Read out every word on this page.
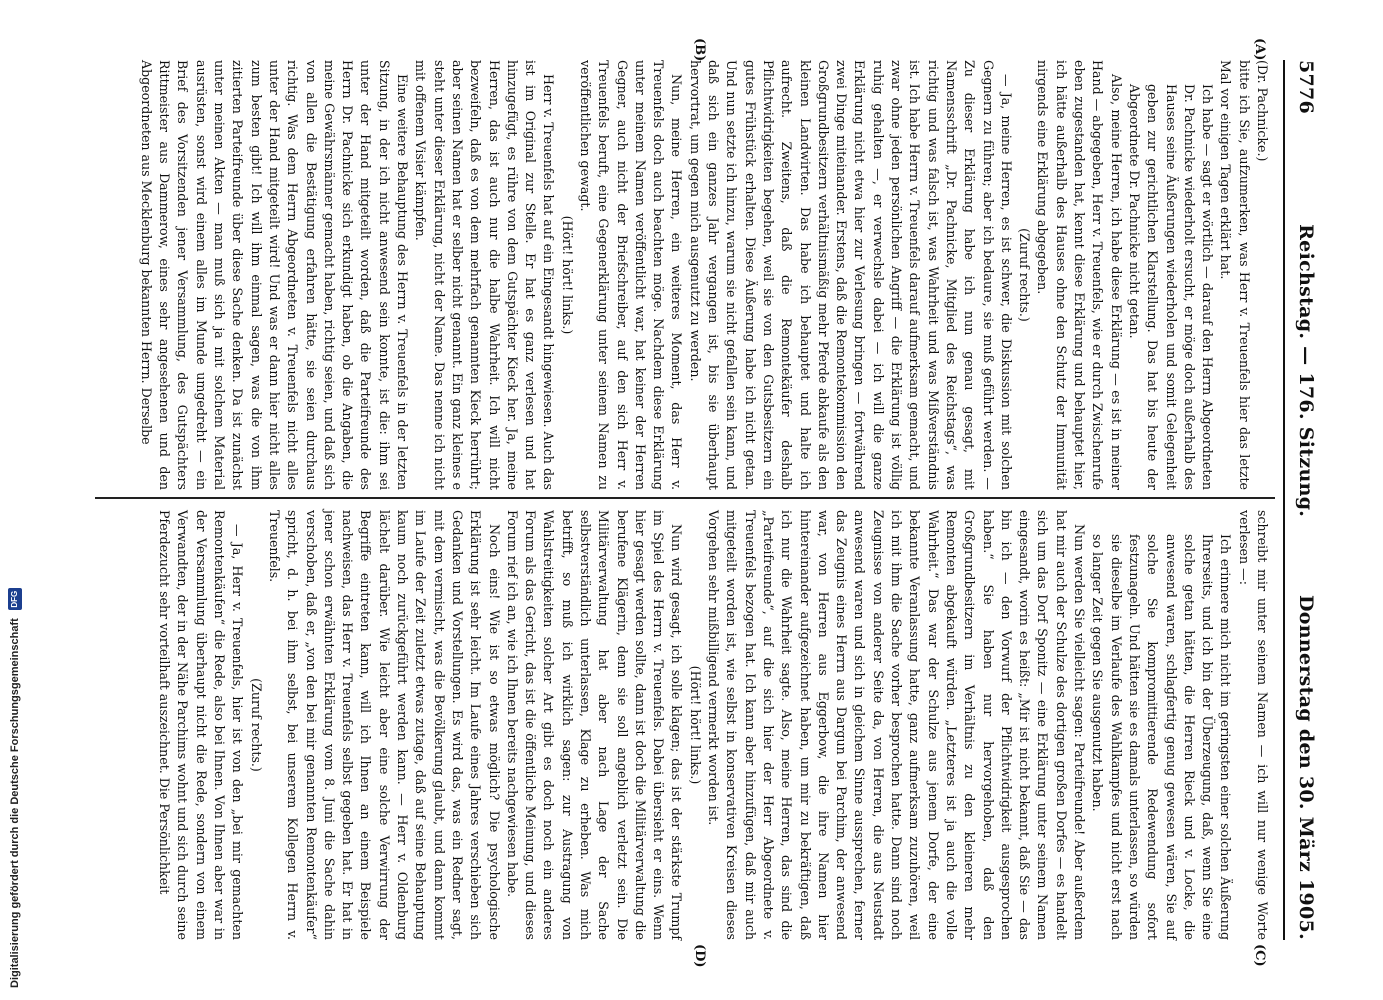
5776
Reichstag. — 176. Sitzung.
Donnerstag den 30. März 1905.
(A)
(B)
(C)
(D)

(Dr. Pachnicke.)

bitte ich Sie, aufzumerken, was Herr v. Treuenfels hier das letzte Mal vor einigen Tagen erklärt hat.

Ich habe — sagt er wörtlich — darauf den Herrn Abgeordneten Dr. Pachnicke wiederholt ersucht, er möge doch außerhalb des Hauses seine Äußerungen wiederholen und somit Gelegenheit geben zur gerichtlichen Klarstellung. Das hat bis heute der Abgeordnete Dr. Pachnicke nicht getan.

Also, meine Herren, ich habe diese Erklärung — es ist in meiner Hand — abgegeben, Herr v. Treuenfels, wie er durch Zwischenrufe eben zugestanden hat, kennt diese Erklärung und behauptet hier, ich hätte außerhalb des Hauses ohne den Schutz der Immunität nirgends eine Erklärung abgegeben.

(Zuruf rechts.)

— Ja, meine Herren, es ist schwer, die Diskussion mit solchen Gegnern zu führen; aber ich bedaure, sie muß geführt werden. — Zu dieser Erklärung habe ich nun genau gesagt, mit Namensschrift „Dr. Pachnicke, Mitglied des Reichstags“, was richtig und was falsch ist, was Wahrheit und was Mißverständnis ist. Ich habe Herrn v. Treuenfels darauf aufmerksam gemacht, und zwar ohne jeden persönlichen Angriff — die Erklärung ist völlig ruhig gehalten —, er verwechsle dabei — ich will die ganze Erklärung nicht etwa hier zur Verlesung bringen — fortwährend zwei Dinge miteinander. Erstens, daß die Remontekommission den Großgrundbesitzern verhältnismäßig mehr Pferde abkaufe als den kleinen Landwirten. Das habe ich behauptet und halte ich aufrecht. Zweitens, daß die Remontekäufer deshalb Pflichtwidrigkeiten begehen, weil sie von den Gutsbesitzern ein gutes Frühstück erhalten. Diese Äußerung habe ich nicht getan. Und nun setzte ich hinzu, warum sie nicht gefallen sein kann, und daß sich ein ganzes Jahr vergangen ist, bis sie überhaupt hervortrat, um gegen mich ausgenutzt zu werden.

Nun, meine Herren, ein weiteres Moment, das Herr v. Treuenfels doch auch beachten möge. Nachdem diese Erklärung unter meinem Namen veröffentlicht war, hat keiner der Herren Gegner, auch nicht der Briefschreiber, auf den sich Herr v. Treuenfels beruft, eine Gegenerklärung unter seinem Namen zu veröffentlichen gewagt.

(Hört! hört! links.)

Herr v. Treuenfels hat auf ein Eingesandt hingewiesen. Auch das ist im Original zur Stelle. Er hat es ganz verlesen und hat hinzugefügt, es rühre von dem Gutspächter Kieck her. Ja, meine Herren, das ist auch nur die halbe Wahrheit. Ich will nicht bezweifeln, daß es von dem mehrfach genannten Kieck herrührt; aber seinen Namen hat er selber nicht genannt. Ein ganz kleines e steht unter dieser Erklärung, nicht der Name. Das nenne ich nicht mit offenem Visier kämpfen.

Eine weitere Behauptung des Herrn v. Treuenfels in der letzten Sitzung, in der ich nicht anwesend sein konnte, ist die: ihm sei unter der Hand mitgeteilt worden, daß die Parteifreunde des Herrn Dr. Pachnicke sich erkundigt haben, ob die Angaben, die meine Gewährsmänner gemacht haben, richtig seien, und daß sich von allen die Bestätigung erfahren hätte, sie seien durchaus richtig. Was dem Herrn Abgeordneten v. Treuenfels nicht alles unter der Hand mitgeteilt wird! Und was er dann hier nicht alles zum besten gibt! Ich will ihm einmal sagen, was die von ihm zitierten Parteifreunde über diese Sache denken. Da ist zunächst unter meinen Akten — man muß sich ja mit solchem Material ausrüsten, sonst wird einem alles im Munde umgedreht — ein Brief des Vorsitzenden jener Versammlung, des Gutspächters Rittmeister aus Dammerow, eines sehr angesehenen und den Abgeordneten aus Mecklenburg bekannten Herrn. Derselbe

schreibt mir unter seinem Namen — ich will nur wenige Worte verlesen —:

Ich erinnere mich nicht im geringsten einer solchen Äußerung Ihrerseits, und ich bin der Überzeugung, daß, wenn Sie eine solche getan hätten, die Herren Rieck und v. Locke, die anwesend waren, schlagfertig genug gewesen wären, Sie auf solche Sie kompromittierende Redewendung sofort festzunageln. Und hätten sie es damals unterlassen, so würden sie dieselbe im Verlaufe des Wahlkampfes und nicht erst nach so langer Zeit gegen Sie ausgenutzt haben.

Nun werden Sie vielleicht sagen: Parteifreunde! Aber außerdem hat mir auch der Schulze des dortigen großen Dorfes — es handelt sich um das Dorf Sponitz — eine Erklärung unter seinem Namen eingesandt, worin es heißt: „Mir ist nicht bekannt, daß Sie — das bin ich — den Vorwurf der Pflichtwidrigkeit ausgesprochen haben.“ Sie haben nur hervorgehoben, daß den Großgrundbesitzern im Verhältnis zu den kleineren mehr Remonten abgekauft würden. „Letzteres ist ja auch die volle Wahrheit.“ Das war der Schulze aus jenem Dorfe, der eine bekannte Veranlassung hatte, ganz aufmerksam zuzuhören, weil ich mit ihm die Sache vorher besprochen hatte. Dann sind noch Zeugnisse von anderer Seite da, von Herren, die aus Neustadt anwesend waren und sich in gleichem Sinne aussprechen, ferner das Zeugnis eines Herrn aus Dargun bei Parchim, der anwesend war, von Herren aus Eggerbow, die ihre Namen hier hintereinander aufgezeichnet haben, um mir zu bekräftigen, daß ich nur die Wahrheit sagte. Also, meine Herren, das sind die „Parteifreunde“, auf die sich hier der Herr Abgeordnete v. Treuenfels bezogen hat. Ich kann aber hinzufügen, daß mir auch mitgeteilt worden ist, wie selbst in konservativen Kreisen dieses Vorgehen sehr mißbilligend vermerkt worden ist.

(Hört! hört! links.)

Nun wird gesagt, ich solle klagen; das ist der stärkste Trumpf im Spiel des Herrn v. Treuenfels. Dabei übersieht er eins. Wenn hier gesagt werden sollte, dann ist doch die Militärverwaltung die berufene Klägerin, denn sie soll angeblich verletzt sein. Die Militärverwaltung hat aber nach Lage der Sache selbstverständlich unterlassen, Klage zu erheben. Was mich betrifft, so muß ich wirklich sagen: zur Austragung von Wahlstreitigkeiten solcher Art gibt es doch noch ein anderes Forum als das Gericht, das ist die öffentliche Meinung, und dieses Forum rief ich an, wie ich Ihnen bereits nachgewiesen habe.

Noch eins! Wie ist so etwas möglich? Die psychologische Erklärung ist sehr leicht. Im Laufe eines Jahres verschieben sich Gedanken und Vorstellungen. Es wird das, was ein Redner sagt, mit dem vermischt, was die Bevölkerung glaubt, und dann kommt im Laufe der Zeit zuletzt etwas zutage, daß auf seine Behauptung kaum noch zurückgeführt werden kann. — Herr v. Oldenburg lächelt darüber. Wie leicht aber eine solche Verwirrung der Begriffe eintreten kann, will ich Ihnen an einem Beispiele nachweisen, das Herr v. Treuenfels selbst gegeben hat. Er hat in jener schon erwähnten Erklärung vom 8. Juni die Sache dahin verschoben, daß er, „von den bei mir genannten Remontenkäufer“ spricht, d. h. bei ihm selbst, bei unserem Kollegen Herrn v. Treuenfels.

(Zuruf rechts.)

— Ja, Herr v. Treuenfels, hier ist von den „bei mir gemachten Remontenkäufen“ die Rede, also bei Ihnen. Von Ihnen aber war in der Versammlung überhaupt nicht die Rede, sondern von einem Verwandten, der in der Nähe Parchims wohnt und sich durch seine Pferdezucht sehr vorteilhaft auszeichnet. Die Persönlichkeit

Digitalisierung gefördert durch die Deutsche Forschungsgemeinschaft
DFG
